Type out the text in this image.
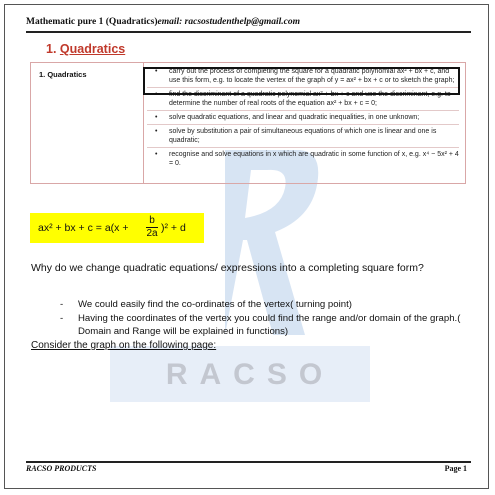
RACSO
Mathematic pure 1 (Quadratics)email: racsostudenthelp@gmail.com
1. Quadratics
1. Quadratics	• carry out the process of completing the square for a quadratic polynomial ax² + bx + c, and use this form, e.g. to locate the vertex of the graph of y = ax² + bx + c or to sketch the graph;
• find the discriminant of a quadratic polynomial ax² + bx + c and use the discriminant, e.g. to determine the number of real roots of the equation ax² + bx + c = 0;
• solve quadratic equations, and linear and quadratic inequalities, in one unknown;
• solve by substitution a pair of simultaneous equations of which one is linear and one is quadratic;
• recognise and solve equations in x which are quadratic in some function of x, e.g. x⁴ − 5x² + 4 = 0.
ax² + bx + c = a(x +
b
2a )² + d
Why do we change quadratic equations/ expressions into a completing square form?
- We could easily find the co-ordinates of the vertex( turning point)
- Having the coordinates of the vertex you could find the range and/or domain of the graph.( Domain and Range will be explained in functions)
Consider the graph on the following page:
RACSO PRODUCTS	Page 1
